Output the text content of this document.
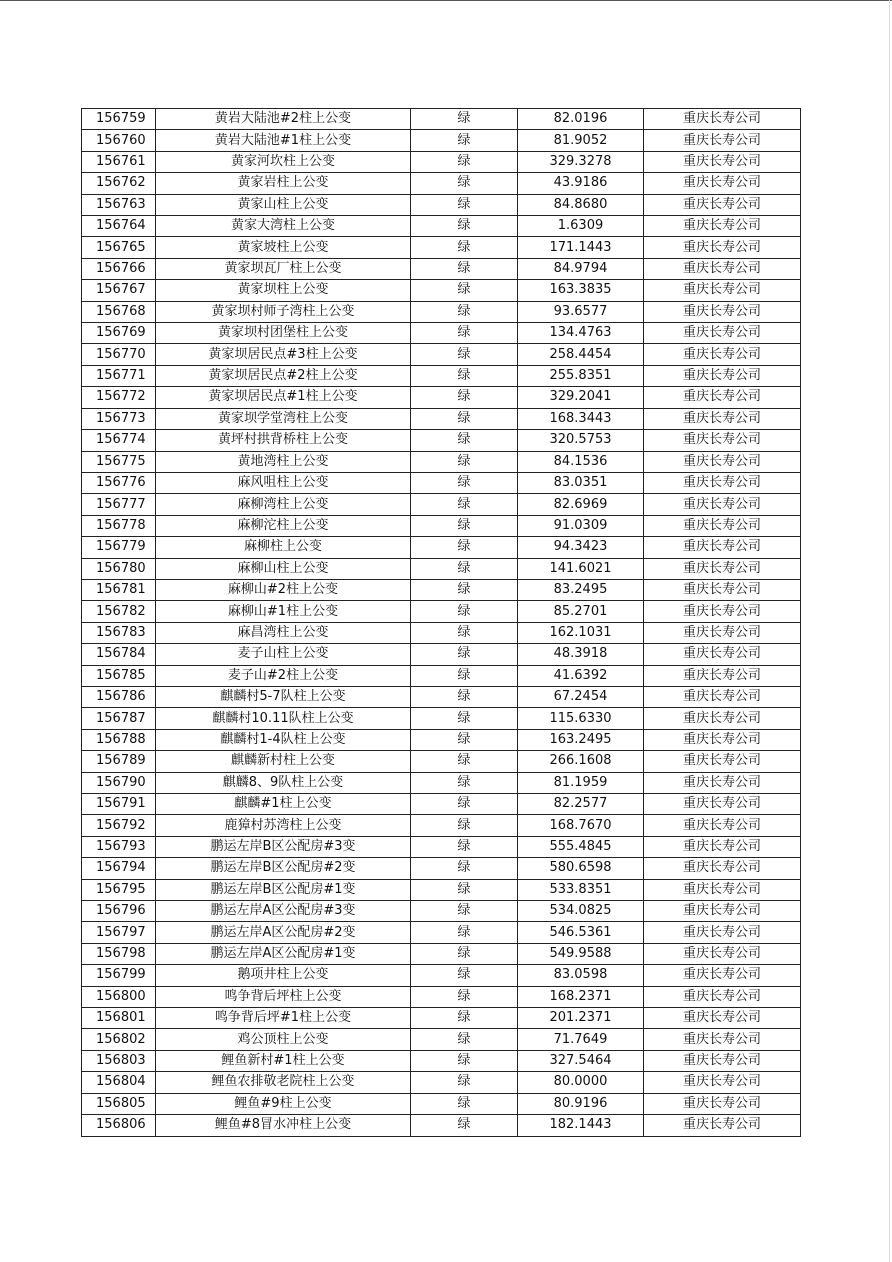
156759	黄岩大陆池#2柱上公变	绿	82.0196	重庆长寿公司
156760	黄岩大陆池#1柱上公变	绿	81.9052	重庆长寿公司
156761	黄家河坎柱上公变	绿	329.3278	重庆长寿公司
156762	黄家岩柱上公变	绿	43.9186	重庆长寿公司
156763	黄家山柱上公变	绿	84.8680	重庆长寿公司
156764	黄家大湾柱上公变	绿	1.6309	重庆长寿公司
156765	黄家坡柱上公变	绿	171.1443	重庆长寿公司
156766	黄家坝瓦厂柱上公变	绿	84.9794	重庆长寿公司
156767	黄家坝柱上公变	绿	163.3835	重庆长寿公司
156768	黄家坝村师子湾柱上公变	绿	93.6577	重庆长寿公司
156769	黄家坝村团堡柱上公变	绿	134.4763	重庆长寿公司
156770	黄家坝居民点#3柱上公变	绿	258.4454	重庆长寿公司
156771	黄家坝居民点#2柱上公变	绿	255.8351	重庆长寿公司
156772	黄家坝居民点#1柱上公变	绿	329.2041	重庆长寿公司
156773	黄家坝学堂湾柱上公变	绿	168.3443	重庆长寿公司
156774	黄坪村拱背桥柱上公变	绿	320.5753	重庆长寿公司
156775	黄地湾柱上公变	绿	84.1536	重庆长寿公司
156776	麻风咀柱上公变	绿	83.0351	重庆长寿公司
156777	麻柳湾柱上公变	绿	82.6969	重庆长寿公司
156778	麻柳沱柱上公变	绿	91.0309	重庆长寿公司
156779	麻柳柱上公变	绿	94.3423	重庆长寿公司
156780	麻柳山柱上公变	绿	141.6021	重庆长寿公司
156781	麻柳山#2柱上公变	绿	83.2495	重庆长寿公司
156782	麻柳山#1柱上公变	绿	85.2701	重庆长寿公司
156783	麻昌湾柱上公变	绿	162.1031	重庆长寿公司
156784	麦子山柱上公变	绿	48.3918	重庆长寿公司
156785	麦子山#2柱上公变	绿	41.6392	重庆长寿公司
156786	麒麟村5-7队柱上公变	绿	67.2454	重庆长寿公司
156787	麒麟村10.11队柱上公变	绿	115.6330	重庆长寿公司
156788	麒麟村1-4队柱上公变	绿	163.2495	重庆长寿公司
156789	麒麟新村柱上公变	绿	266.1608	重庆长寿公司
156790	麒麟8、9队柱上公变	绿	81.1959	重庆长寿公司
156791	麒麟#1柱上公变	绿	82.2577	重庆长寿公司
156792	鹿獐村苏湾柱上公变	绿	168.7670	重庆长寿公司
156793	鹏运左岸B区公配房#3变	绿	555.4845	重庆长寿公司
156794	鹏运左岸B区公配房#2变	绿	580.6598	重庆长寿公司
156795	鹏运左岸B区公配房#1变	绿	533.8351	重庆长寿公司
156796	鹏运左岸A区公配房#3变	绿	534.0825	重庆长寿公司
156797	鹏运左岸A区公配房#2变	绿	546.5361	重庆长寿公司
156798	鹏运左岸A区公配房#1变	绿	549.9588	重庆长寿公司
156799	鹅项井柱上公变	绿	83.0598	重庆长寿公司
156800	鸣争背后坪柱上公变	绿	168.2371	重庆长寿公司
156801	鸣争背后坪#1柱上公变	绿	201.2371	重庆长寿公司
156802	鸡公顶柱上公变	绿	71.7649	重庆长寿公司
156803	鲤鱼新村#1柱上公变	绿	327.5464	重庆长寿公司
156804	鲤鱼农排敬老院柱上公变	绿	80.0000	重庆长寿公司
156805	鲤鱼#9柱上公变	绿	80.9196	重庆长寿公司
156806	鲤鱼#8冒水冲柱上公变	绿	182.1443	重庆长寿公司
